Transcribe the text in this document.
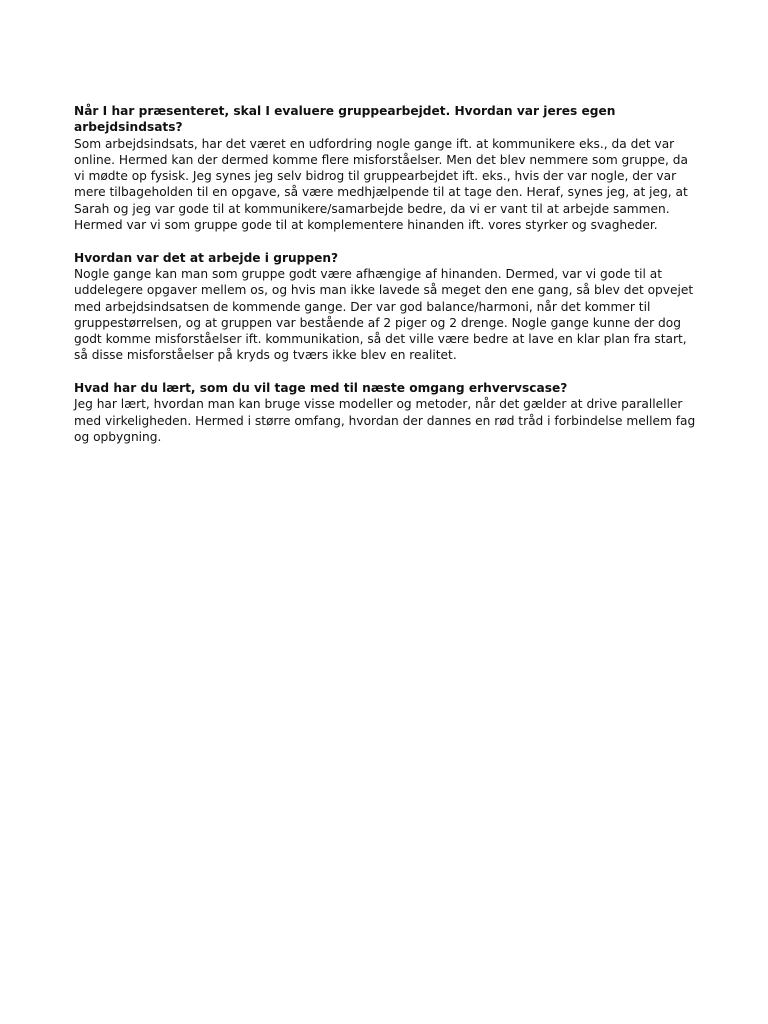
Når I har præsenteret, skal I evaluere gruppearbejdet. Hvordan var jeres egen arbejdsindsats?
Som arbejdsindsats, har det været en udfordring nogle gange ift. at kommunikere eks., da det var online. Hermed kan der dermed komme flere misforståelser. Men det blev nemmere som gruppe, da vi mødte op fysisk. Jeg synes jeg selv bidrog til gruppearbejdet ift. eks., hvis der var nogle, der var mere tilbageholden til en opgave, så være medhjælpende til at tage den. Heraf, synes jeg, at jeg, at Sarah og jeg var gode til at kommunikere/samarbejde bedre, da vi er vant til at arbejde sammen. Hermed var vi som gruppe gode til at komplementere hinanden ift. vores styrker og svagheder.
Hvordan var det at arbejde i gruppen?
Nogle gange kan man som gruppe godt være afhængige af hinanden. Dermed, var vi gode til at uddelegere opgaver mellem os, og hvis man ikke lavede så meget den ene gang, så blev det opvejet med arbejdsindsatsen de kommende gange. Der var god balance/harmoni, når det kommer til gruppestørrelsen, og at gruppen var bestående af 2 piger og 2 drenge. Nogle gange kunne der dog godt komme misforståelser ift. kommunikation, så det ville være bedre at lave en klar plan fra start, så disse misforståelser på kryds og tværs ikke blev en realitet.
Hvad har du lært, som du vil tage med til næste omgang erhvervscase?
Jeg har lært, hvordan man kan bruge visse modeller og metoder, når det gælder at drive paralleller med virkeligheden. Hermed i større omfang, hvordan der dannes en rød tråd i forbindelse mellem fag og opbygning.
